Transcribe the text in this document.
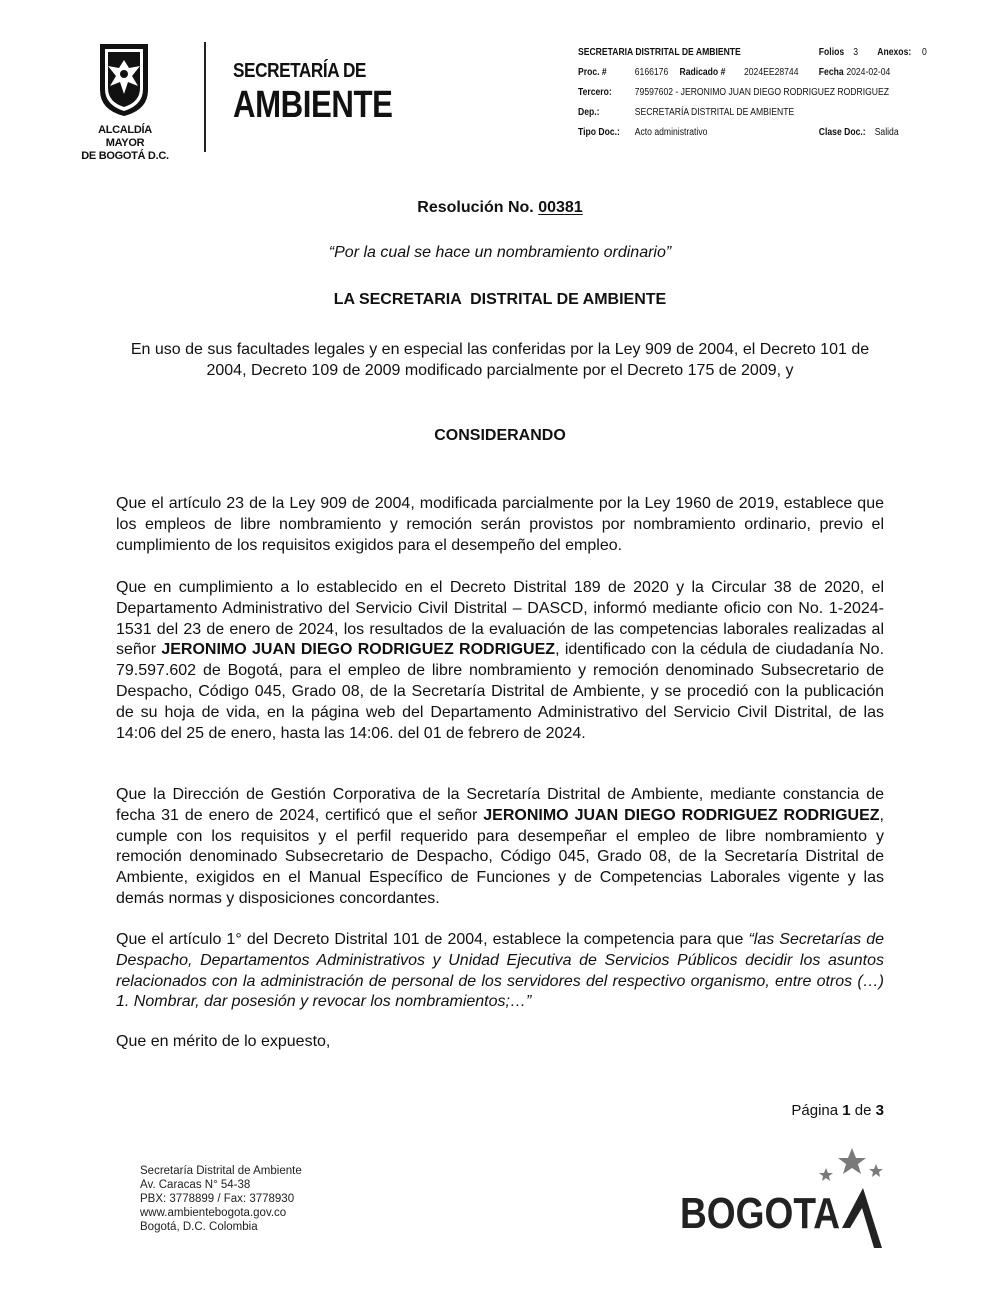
ALCALDÍA MAYOR
DE BOGOTÁ D.C.
SECRETARÍA DE
AMBIENTE
SECRETARIA DISTRITAL DE AMBIENTE	Folios 3 Anexos: 0
Proc. #	6166176 Radicado # 2024EE28744 Fecha 2024-02-04
Tercero: 79597602 - JERONIMO JUAN DIEGO RODRIGUEZ RODRIGUEZ
Dep.:	SECRETARÍA DISTRITAL DE AMBIENTE
Tipo Doc.: Acto administrativo	Clase Doc.: Salida
Resolución No. 00381
“Por la cual se hace un nombramiento ordinario”
LA SECRETARIA  DISTRITAL DE AMBIENTE
En uso de sus facultades legales y en especial las conferidas por la Ley 909 de 2004, el Decreto 101 de 2004, Decreto 109 de 2009 modificado parcialmente por el Decreto 175 de 2009, y
CONSIDERANDO
Que el artículo 23 de la Ley 909 de 2004, modificada parcialmente por la Ley 1960 de 2019, establece que los empleos de libre nombramiento y remoción serán provistos por nombramiento ordinario, previo el cumplimiento de los requisitos exigidos para el desempeño del empleo.
Que en cumplimiento a lo establecido en el Decreto Distrital 189 de 2020 y la Circular 38 de 2020, el Departamento Administrativo del Servicio Civil Distrital – DASCD, informó mediante oficio con No. 1-2024-1531 del 23 de enero de 2024, los resultados de la evaluación de las competencias laborales realizadas al señor JERONIMO JUAN DIEGO RODRIGUEZ RODRIGUEZ, identificado con la cédula de ciudadanía No. 79.597.602 de Bogotá, para el empleo de libre nombramiento y remoción denominado Subsecretario de Despacho, Código 045, Grado 08, de la Secretaría Distrital de Ambiente, y se procedió con la publicación de su hoja de vida, en la página web del Departamento Administrativo del Servicio Civil Distrital, de las 14:06 del 25 de enero, hasta las 14:06. del 01 de febrero de 2024.
Que la Dirección de Gestión Corporativa de la Secretaría Distrital de Ambiente, mediante constancia de fecha 31 de enero de 2024, certificó que el señor JERONIMO JUAN DIEGO RODRIGUEZ RODRIGUEZ, cumple con los requisitos y el perfil requerido para desempeñar el empleo de libre nombramiento y remoción denominado Subsecretario de Despacho, Código 045, Grado 08, de la Secretaría Distrital de Ambiente, exigidos en el Manual Específico de Funciones y de Competencias Laborales vigente y las demás normas y disposiciones concordantes.
Que el artículo 1° del Decreto Distrital 101 de 2004, establece la competencia para que “las Secretarías de Despacho, Departamentos Administrativos y Unidad Ejecutiva de Servicios Públicos decidir los asuntos relacionados con la administración de personal de los servidores del respectivo organismo, entre otros (…) 1. Nombrar, dar posesión y revocar los nombramientos;…”
Que en mérito de lo expuesto,
Página 1 de 3
Secretaría Distrital de Ambiente
Av. Caracas N° 54-38
PBX: 3778899 / Fax: 3778930
www.ambientebogota.gov.co
Bogotá, D.C. Colombia	BOGOTA
